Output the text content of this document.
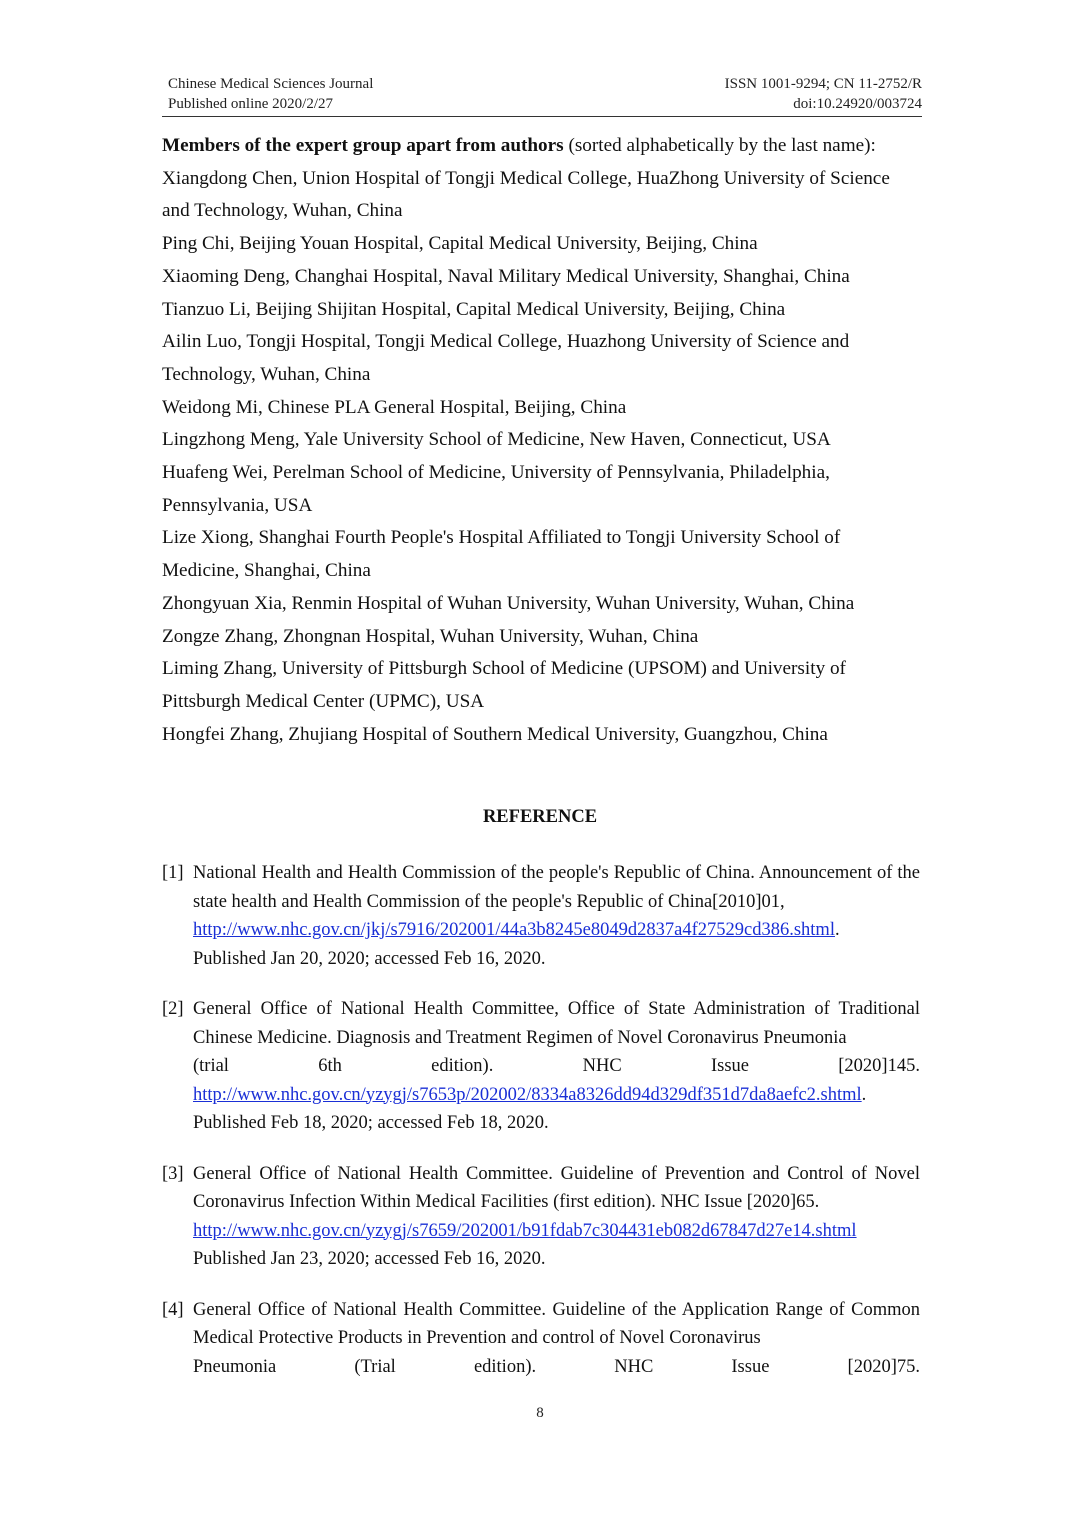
Chinese Medical Sciences Journal
Published online 2020/2/27
ISSN 1001-9294; CN 11-2752/R
doi:10.24920/003724

Members of the expert group apart from authors (sorted alphabetically by the last name):

Xiangdong Chen, Union Hospital of Tongji Medical College, HuaZhong University of Science and Technology, Wuhan, China

Ping Chi, Beijing Youan Hospital, Capital Medical University, Beijing, China

Xiaoming Deng, Changhai Hospital, Naval Military Medical University, Shanghai, China

Tianzuo Li, Beijing Shijitan Hospital, Capital Medical University, Beijing, China

Ailin Luo, Tongji Hospital, Tongji Medical College, Huazhong University of Science and Technology, Wuhan, China

Weidong Mi, Chinese PLA General Hospital, Beijing, China

Lingzhong Meng, Yale University School of Medicine, New Haven, Connecticut, USA

Huafeng Wei, Perelman School of Medicine, University of Pennsylvania, Philadelphia, Pennsylvania, USA

Lize Xiong, Shanghai Fourth People's Hospital Affiliated to Tongji University School of Medicine, Shanghai, China

Zhongyuan Xia, Renmin Hospital of Wuhan University, Wuhan University, Wuhan, China

Zongze Zhang, Zhongnan Hospital, Wuhan University, Wuhan, China

Liming Zhang, University of Pittsburgh School of Medicine (UPSOM) and University of Pittsburgh Medical Center (UPMC), USA

Hongfei Zhang, Zhujiang Hospital of Southern Medical University, Guangzhou, China

REFERENCE
[1] National Health and Health Commission of the people's Republic of China. Announcement of the state health and Health Commission of the people's Republic of China[2010]01,
http://www.nhc.gov.cn/jkj/s7916/202001/44a3b8245e8049d2837a4f27529cd386.shtml.
Published Jan 20, 2020; accessed Feb 16, 2020.
[2] General Office of National Health Committee, Office of State Administration of Traditional Chinese Medicine. Diagnosis and Treatment Regimen of Novel Coronavirus Pneumonia
(trial	6th	edition).	NHC	Issue	[2020]145.
http://www.nhc.gov.cn/yzygj/s7653p/202002/8334a8326dd94d329df351d7da8aefc2.shtml. Published Feb 18, 2020; accessed Feb 18, 2020.
[3] General Office of National Health Committee. Guideline of Prevention and Control of Novel Coronavirus Infection Within Medical Facilities (first edition). NHC Issue [2020]65.
http://www.nhc.gov.cn/yzygj/s7659/202001/b91fdab7c304431eb082d67847d27e14.shtml
Published Jan 23, 2020; accessed Feb 16, 2020.
[4] General Office of National Health Committee. Guideline of the Application Range of Common Medical Protective Products in Prevention and control of Novel Coronavirus
Pneumonia	(Trial	edition).	NHC	Issue	[2020]75.
8
